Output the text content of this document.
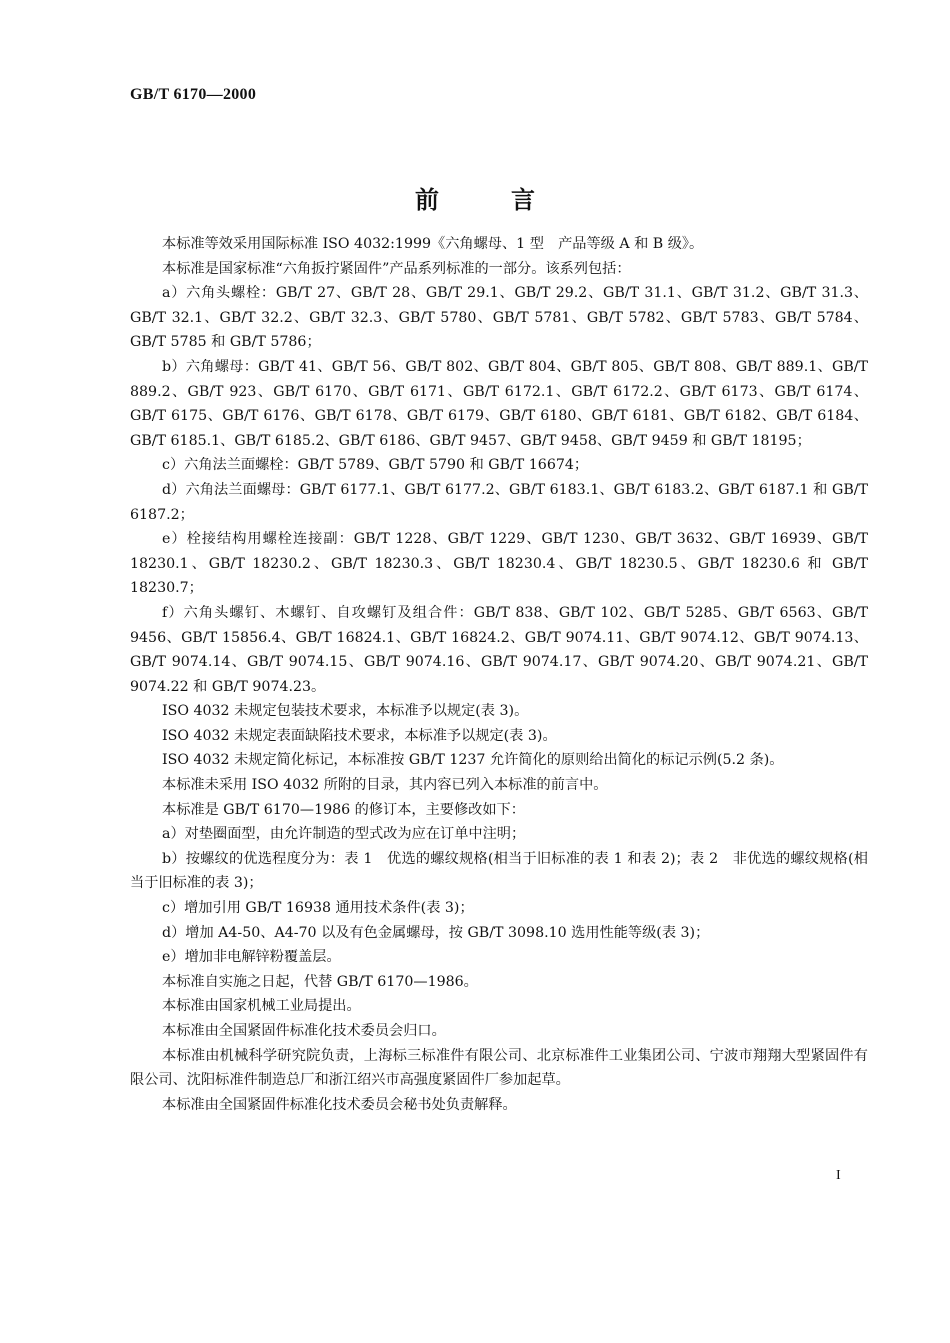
GB/T 6170—2000
前言

本标准等效采用国际标准 ISO 4032:1999《六角螺母、1 型　产品等级 A 和 B 级》。

本标准是国家标准“六角扳拧紧固件”产品系列标准的一部分。该系列包括：

a）六角头螺栓：GB/T 27、GB/T 28、GB/T 29.1、GB/T 29.2、GB/T 31.1、GB/T 31.2、GB/T 31.3、GB/T 32.1、GB/T 32.2、GB/T 32.3、GB/T 5780、GB/T 5781、GB/T 5782、GB/T 5783、GB/T 5784、GB/T 5785 和 GB/T 5786；

b）六角螺母：GB/T 41、GB/T 56、GB/T 802、GB/T 804、GB/T 805、GB/T 808、GB/T 889.1、GB/T 889.2、GB/T 923、GB/T 6170、GB/T 6171、GB/T 6172.1、GB/T 6172.2、GB/T 6173、GB/T 6174、GB/T 6175、GB/T 6176、GB/T 6178、GB/T 6179、GB/T 6180、GB/T 6181、GB/T 6182、GB/T 6184、GB/T 6185.1、GB/T 6185.2、GB/T 6186、GB/T 9457、GB/T 9458、GB/T 9459 和 GB/T 18195；

c）六角法兰面螺栓：GB/T 5789、GB/T 5790 和 GB/T 16674；

d）六角法兰面螺母：GB/T 6177.1、GB/T 6177.2、GB/T 6183.1、GB/T 6183.2、GB/T 6187.1 和 GB/T 6187.2；

e）栓接结构用螺栓连接副：GB/T 1228、GB/T 1229、GB/T 1230、GB/T 3632、GB/T 16939、GB/T 18230.1、GB/T 18230.2、GB/T 18230.3、GB/T 18230.4、GB/T 18230.5、GB/T 18230.6 和 GB/T 18230.7；

f）六角头螺钉、木螺钉、自攻螺钉及组合件：GB/T 838、GB/T 102、GB/T 5285、GB/T 6563、GB/T 9456、GB/T 15856.4、GB/T 16824.1、GB/T 16824.2、GB/T 9074.11、GB/T 9074.12、GB/T 9074.13、GB/T 9074.14、GB/T 9074.15、GB/T 9074.16、GB/T 9074.17、GB/T 9074.20、GB/T 9074.21、GB/T 9074.22 和 GB/T 9074.23。

ISO 4032 未规定包装技术要求，本标准予以规定(表 3)。

ISO 4032 未规定表面缺陷技术要求，本标准予以规定(表 3)。

ISO 4032 未规定简化标记，本标准按 GB/T 1237 允许简化的原则给出简化的标记示例(5.2 条)。

本标准未采用 ISO 4032 所附的目录，其内容已列入本标准的前言中。

本标准是 GB/T 6170—1986 的修订本，主要修改如下：

a）对垫圈面型，由允许制造的型式改为应在订单中注明；

b）按螺纹的优选程度分为：表 1　优选的螺纹规格(相当于旧标准的表 1 和表 2)；表 2　非优选的螺纹规格(相当于旧标准的表 3)；

c）增加引用 GB/T 16938 通用技术条件(表 3)；

d）增加 A4-50、A4-70 以及有色金属螺母，按 GB/T 3098.10 选用性能等级(表 3)；

e）增加非电解锌粉覆盖层。

本标准自实施之日起，代替 GB/T 6170—1986。

本标准由国家机械工业局提出。

本标准由全国紧固件标准化技术委员会归口。

本标准由机械科学研究院负责，上海标三标准件有限公司、北京标准件工业集团公司、宁波市翔翔大型紧固件有限公司、沈阳标准件制造总厂和浙江绍兴市高强度紧固件厂参加起草。

本标准由全国紧固件标准化技术委员会秘书处负责解释。

I
